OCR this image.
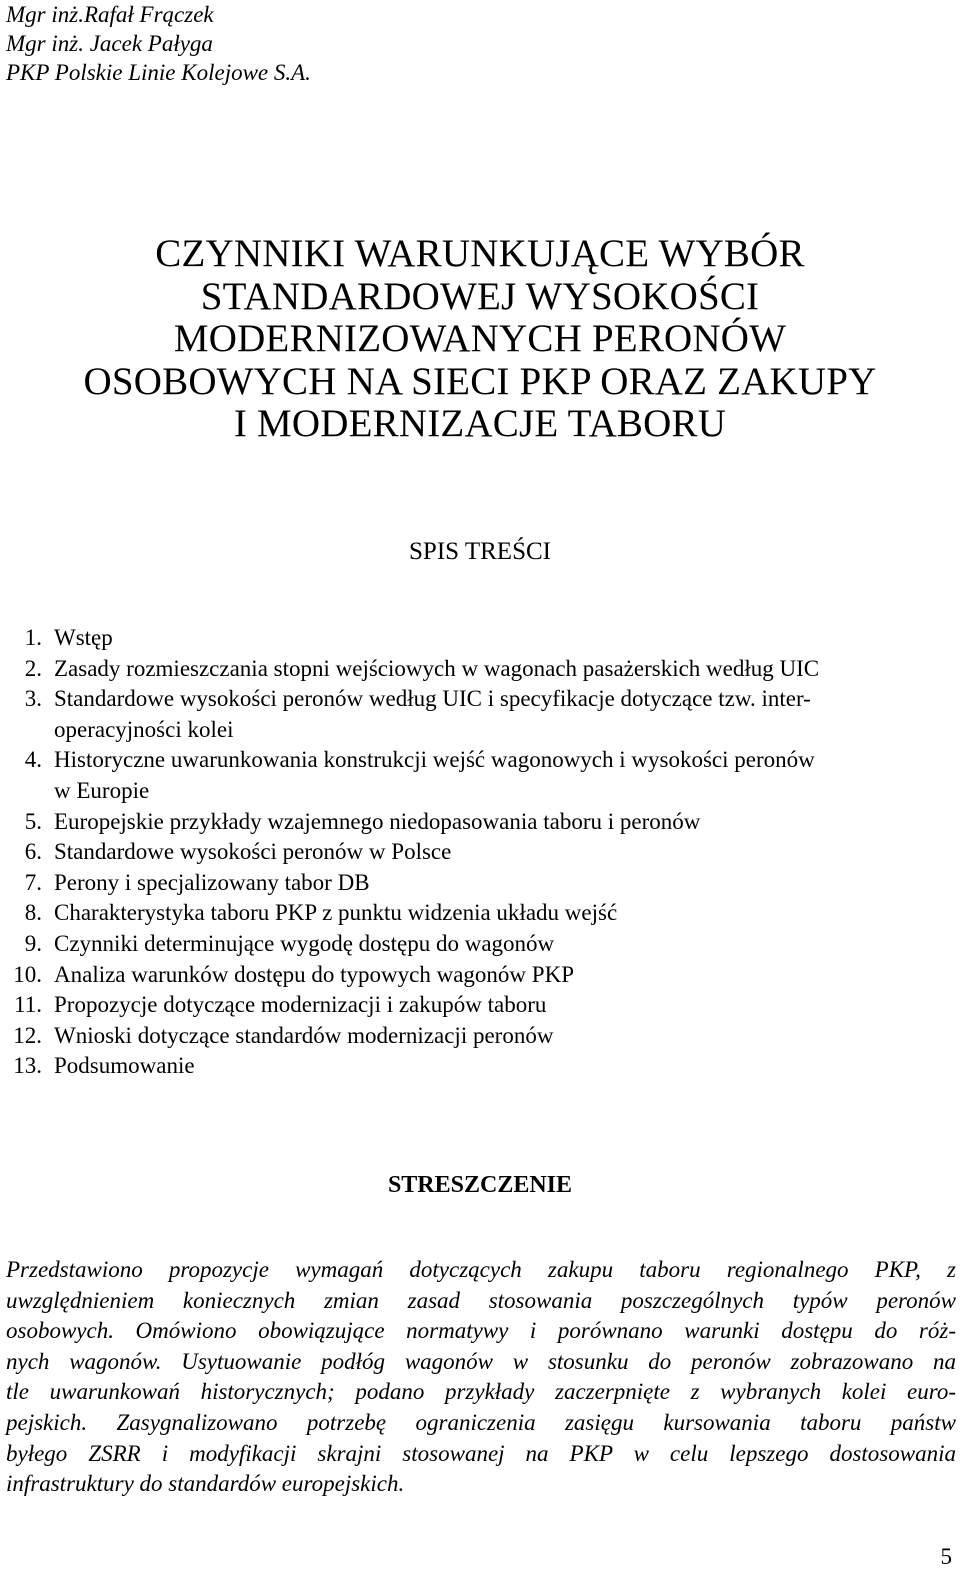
Mgr inż.Rafał Frączek
Mgr inż. Jacek Pałyga
PKP Polskie Linie Kolejowe S.A.
CZYNNIKI WARUNKUJĄCE WYBÓR
STANDARDOWEJ WYSOKOŚCI
MODERNIZOWANYCH PERONÓW
OSOBOWYCH NA SIECI PKP ORAZ ZAKUPY
I MODERNIZACJE TABORU
SPIS TREŚCI
1. Wstęp
2. Zasady rozmieszczania stopni wejściowych w wagonach pasażerskich według UIC
3. Standardowe wysokości peronów według UIC i specyfikacje dotyczące tzw. inter-
operacyjności kolei
4. Historyczne uwarunkowania konstrukcji wejść wagonowych i wysokości peronów
w Europie
5. Europejskie przykłady wzajemnego niedopasowania taboru i peronów
6. Standardowe wysokości peronów w Polsce
7. Perony i specjalizowany tabor DB
8. Charakterystyka taboru PKP z punktu widzenia układu wejść
9. Czynniki determinujące wygodę dostępu do wagonów
10. Analiza warunków dostępu do typowych wagonów PKP
11. Propozycje dotyczące modernizacji i zakupów taboru
12. Wnioski dotyczące standardów modernizacji peronów
13. Podsumowanie
STRESZCZENIE
Przedstawiono propozycje wymagań dotyczących zakupu taboru regionalnego PKP, z
uwzględnieniem koniecznych zmian zasad stosowania poszczególnych typów peronów
osobowych. Omówiono obowiązujące normatywy i porównano warunki dostępu do róż-
nych wagonów. Usytuowanie podłóg wagonów w stosunku do peronów zobrazowano na
tle uwarunkowań historycznych; podano przykłady zaczerpnięte z wybranych kolei euro-
pejskich. Zasygnalizowano potrzebę ograniczenia zasięgu kursowania taboru państw
byłego ZSRR i modyfikacji skrajni stosowanej na PKP w celu lepszego dostosowania
infrastruktury do standardów europejskich.
5
